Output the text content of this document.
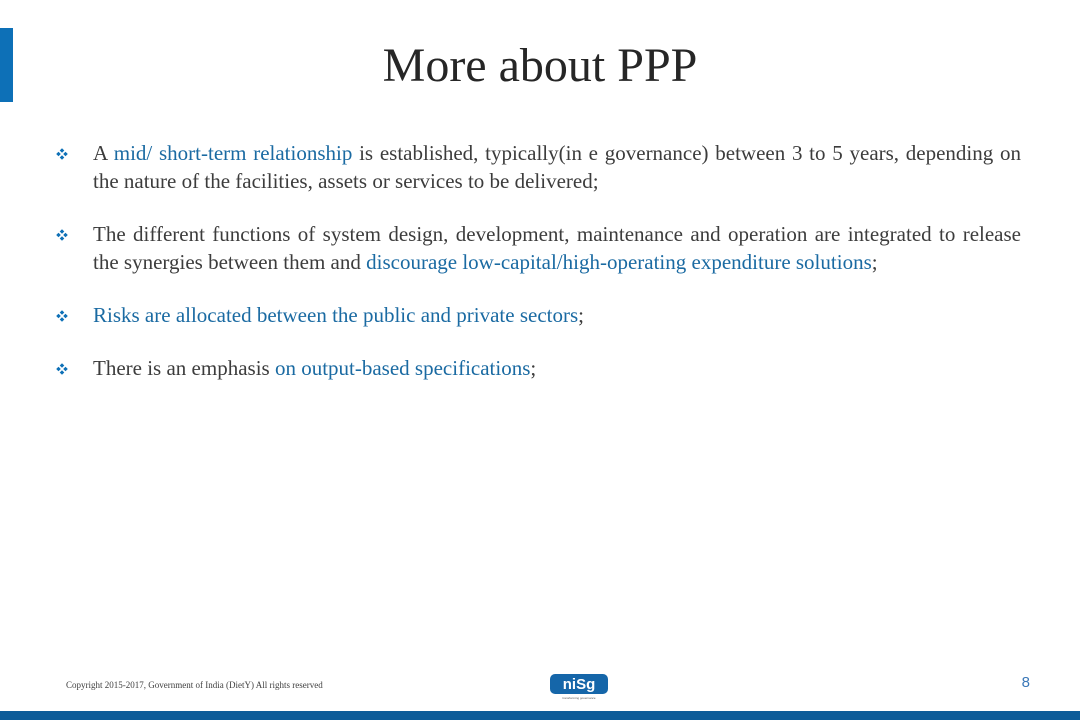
More about PPP
A mid/ short-term relationship is established, typically(in e governance) between 3 to 5 years, depending on the nature of the facilities, assets or services to be delivered;
The different functions of system design, development, maintenance and operation are integrated to release the synergies between them and discourage low-capital/high-operating expenditure solutions;
Risks are allocated between the public and private sectors;
There is an emphasis on output-based specifications;
Copyright 2015-2017, Government of India (DietY) All rights reserved	niSg
transforming governance
8
